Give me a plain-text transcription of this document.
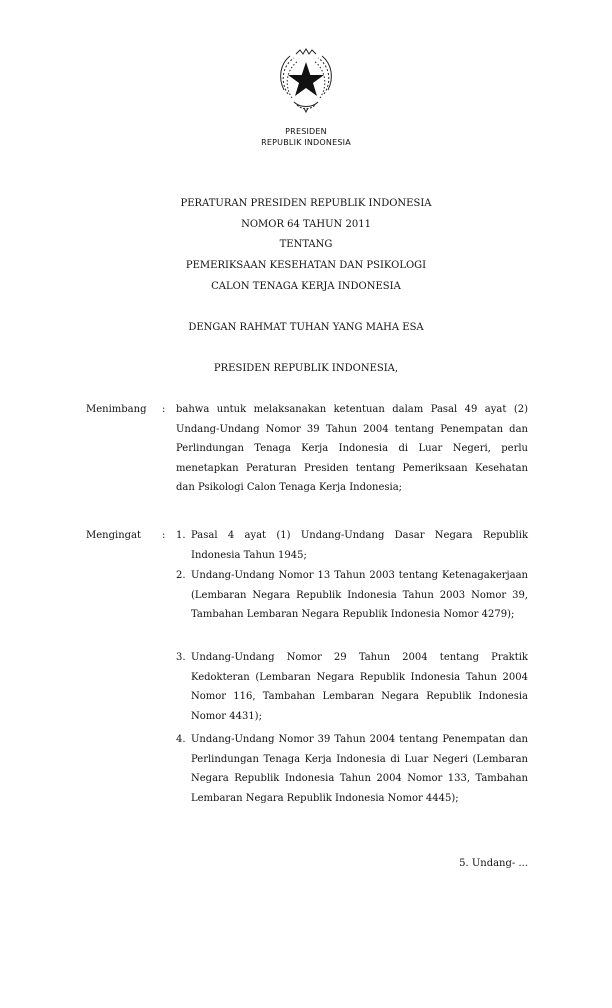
PRESIDEN
REPUBLIK INDONESIA
PERATURAN PRESIDEN REPUBLIK INDONESIA
NOMOR 64 TAHUN 2011
TENTANG
PEMERIKSAAN KESEHATAN DAN PSIKOLOGI
CALON TENAGA KERJA INDONESIA
DENGAN RAHMAT TUHAN YANG MAHA ESA
PRESIDEN REPUBLIK INDONESIA,
Menimbang : bahwa untuk melaksanakan ketentuan dalam Pasal 49 ayat (2) Undang-Undang Nomor 39 Tahun 2004 tentang Penempatan dan Perlindungan Tenaga Kerja Indonesia di Luar Negeri, perlu menetapkan Peraturan Presiden tentang Pemeriksaan Kesehatan dan Psikologi Calon Tenaga Kerja Indonesia;
Mengingat : 1. Pasal 4 ayat (1) Undang-Undang Dasar Negara Republik Indonesia Tahun 1945;
2. Undang-Undang Nomor 13 Tahun 2003 tentang Ketenagakerjaan (Lembaran Negara Republik Indonesia Tahun 2003 Nomor 39, Tambahan Lembaran Negara Republik Indonesia Nomor 4279);
3. Undang-Undang Nomor 29 Tahun 2004 tentang Praktik Kedokteran (Lembaran Negara Republik Indonesia Tahun 2004 Nomor 116, Tambahan Lembaran Negara Republik Indonesia Nomor 4431);
4. Undang-Undang Nomor 39 Tahun 2004 tentang Penempatan dan Perlindungan Tenaga Kerja Indonesia di Luar Negeri (Lembaran Negara Republik Indonesia Tahun 2004 Nomor 133, Tambahan Lembaran Negara Republik Indonesia Nomor 4445);
5. Undang- ...
